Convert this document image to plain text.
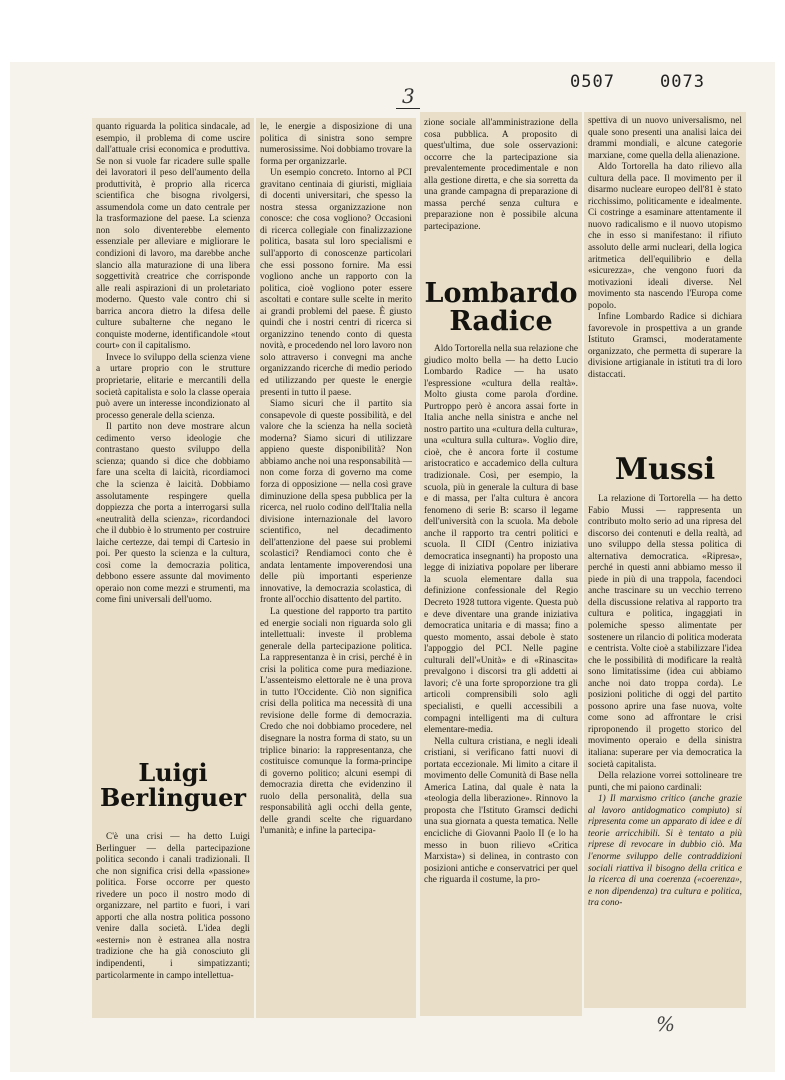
0507	0073
3

quanto riguarda la politica sindacale, ad esempio, il problema di come uscire dall'attuale crisi economica e produttiva. Se non si vuole far ricadere sulle spalle dei lavoratori il peso dell'aumento della produttività, è proprio alla ricerca scientifica che bisogna rivolgersi, assumendola come un dato centrale per la trasformazione del paese. La scienza non solo diventerebbe elemento essenziale per alleviare e migliorare le condizioni di lavoro, ma darebbe anche slancio alla maturazione di una libera soggettività creatrice che corrisponde alle reali aspirazioni di un proletariato moderno. Questo vale contro chi si barrica ancora dietro la difesa delle culture subalterne che negano le conquiste moderne, identificandole «tout court» con il capitalismo.

Invece lo sviluppo della scienza viene a urtare proprio con le strutture proprietarie, elitarie e mercantili della società capitalista e solo la classe operaia può avere un interesse incondizionato al processo generale della scienza.

Il partito non deve mostrare alcun cedimento verso ideologie che contrastano questo sviluppo della scienza; quando si dice che dobbiamo fare una scelta di laicità, ricordiamoci che la scienza è laicità. Dobbiamo assolutamente respingere quella doppiezza che porta a interrogarsi sulla «neutralità della scienza», ricordandoci che il dubbio è lo strumento per costruire laiche certezze, dai tempi di Cartesio in poi. Per questo la scienza e la cultura, così come la democrazia politica, debbono essere assunte dal movimento operaio non come mezzi e strumenti, ma come fini universali dell'uomo.

Luigi
Berlinguer

C'è una crisi — ha detto Luigi Berlinguer — della partecipazione politica secondo i canali tradizionali. Il che non significa crisi della «passione» politica. Forse occorre per questo rivedere un poco il nostro modo di organizzare, nel partito e fuori, i vari apporti che alla nostra politica possono venire dalla società. L'idea degli «esterni» non è estranea alla nostra tradizione che ha già conosciuto gli indipendenti, i simpatizzanti; particolarmente in campo intellettua-

le, le energie a disposizione di una politica di sinistra sono sempre numerosissime. Noi dobbiamo trovare la forma per organizzarle.

Un esempio concreto. Intorno al PCI gravitano centinaia di giuristi, migliaia di docenti universitari, che spesso la nostra stessa organizzazione non conosce: che cosa vogliono? Occasioni di ricerca collegiale con finalizzazione politica, basata sul loro specialismi e sull'apporto di conoscenze particolari che essi possono fornire. Ma essi vogliono anche un rapporto con la politica, cioè vogliono poter essere ascoltati e contare sulle scelte in merito ai grandi problemi del paese. È giusto quindi che i nostri centri di ricerca si organizzino tenendo conto di questa novità, e procedendo nel loro lavoro non solo attraverso i convegni ma anche organizzando ricerche di medio periodo ed utilizzando per queste le energie presenti in tutto il paese.

Siamo sicuri che il partito sia consapevole di queste possibilità, e del valore che la scienza ha nella società moderna? Siamo sicuri di utilizzare appieno queste disponibilità? Non abbiamo anche noi una responsabilità — non come forza di governo ma come forza di opposizione — nella così grave diminuzione della spesa pubblica per la ricerca, nel ruolo codino dell'Italia nella divisione internazionale del lavoro scientifico, nel decadimento dell'attenzione del paese sui problemi scolastici? Rendiamoci conto che è andata lentamente impoverendosi una delle più importanti esperienze innovative, la democrazia scolastica, di fronte all'occhio disattento del partito.

La questione del rapporto tra partito ed energie sociali non riguarda solo gli intellettuali: investe il problema generale della partecipazione politica. La rappresentanza è in crisi, perché è in crisi la politica come pura mediazione. L'assenteismo elettorale ne è una prova in tutto l'Occidente. Ciò non significa crisi della politica ma necessità di una revisione delle forme di democrazia. Credo che noi dobbiamo procedere, nel disegnare la nostra forma di stato, su un triplice binario: la rappresentanza, che costituisce comunque la forma-principe di governo politico; alcuni esempi di democrazia diretta che evidenzino il ruolo della personalità, della sua responsabilità agli occhi della gente, delle grandi scelte che riguardano l'umanità; e infine la partecipa-

zione sociale all'amministrazione della cosa pubblica. A proposito di quest'ultima, due sole osservazioni: occorre che la partecipazione sia prevalentemente procedimentale e non alla gestione diretta, e che sia sorretta da una grande campagna di preparazione di massa perché senza cultura e preparazione non è possibile alcuna partecipazione.

Lombardo
Radice

Aldo Tortorella nella sua relazione che giudico molto bella — ha detto Lucio Lombardo Radice — ha usato l'espressione «cultura della realtà». Molto giusta come parola d'ordine. Purtroppo però è ancora assai forte in Italia anche nella sinistra e anche nel nostro partito una «cultura della cultura», una «cultura sulla cultura». Voglio dire, cioè, che è ancora forte il costume aristocratico e accademico della cultura tradizionale. Così, per esempio, la scuola, più in generale la cultura di base e di massa, per l'alta cultura è ancora fenomeno di serie B: scarso il legame dell'università con la scuola. Ma debole anche il rapporto tra centri politici e scuola. Il CIDI (Centro iniziativa democratica insegnanti) ha proposto una legge di iniziativa popolare per liberare la scuola elementare dalla sua definizione confessionale del Regio Decreto 1928 tuttora vigente. Questa può e deve diventare una grande iniziativa democratica unitaria e di massa; fino a questo momento, assai debole è stato l'appoggio del PCI. Nelle pagine culturali dell'«Unità» e di «Rinascita» prevalgono i discorsi tra gli addetti ai lavori; c'è una forte sproporzione tra gli articoli comprensibili solo agli specialisti, e quelli accessibili a compagni intelligenti ma di cultura elementare-media.

Nella cultura cristiana, e negli ideali cristiani, si verificano fatti nuovi di portata eccezionale. Mi limito a citare il movimento delle Comunità di Base nella America Latina, dal quale è nata la «teologia della liberazione». Rinnovo la proposta che l'Istituto Gramsci dedichi una sua giornata a questa tematica. Nelle encicliche di Giovanni Paolo II (e lo ha messo in buon rilievo «Critica Marxista») si delinea, in contrasto con posizioni antiche e conservatrici per quel che riguarda il costume, la pro-

spettiva di un nuovo universalismo, nel quale sono presenti una analisi laica dei drammi mondiali, e alcune categorie marxiane, come quella della alienazione.

Aldo Tortorella ha dato rilievo alla cultura della pace. Il movimento per il disarmo nucleare europeo dell'81 è stato ricchissimo, politicamente e idealmente. Ci costringe a esaminare attentamente il nuovo radicalismo e il nuovo utopismo che in esso si manifestano: il rifiuto assoluto delle armi nucleari, della logica aritmetica dell'equilibrio e della «sicurezza», che vengono fuori da motivazioni ideali diverse. Nel movimento sta nascendo l'Europa come popolo.

Infine Lombardo Radice si dichiara favorevole in prospettiva a un grande Istituto Gramsci, moderatamente organizzato, che permetta di superare la divisione artigianale in istituti tra di loro distaccati.

Mussi

La relazione di Tortorella — ha detto Fabio Mussi — rappresenta un contributo molto serio ad una ripresa del discorso dei contenuti e della realtà, ad uno sviluppo della stessa politica di alternativa democratica. «Ripresa», perché in questi anni abbiamo messo il piede in più di una trappola, facendoci anche trascinare su un vecchio terreno della discussione relativa al rapporto tra cultura e politica, ingaggiati in polemiche spesso alimentate per sostenere un rilancio di politica moderata e centrista. Volte cioè a stabilizzare l'idea che le possibilità di modificare la realtà sono limitatissime (idea cui abbiamo anche noi dato troppa corda). Le posizioni politiche di oggi del partito possono aprire una fase nuova, volte come sono ad affrontare le crisi riproponendo il progetto storico del movimento operaio e della sinistra italiana: superare per via democratica la società capitalista.

Della relazione vorrei sottolineare tre punti, che mi paiono cardinali:

1) Il marxismo critico (anche grazie al lavoro antidogmatico compiuto) si ripresenta come un apparato di idee e di teorie arricchibili. Si è tentato a più riprese di revocare in dubbio ciò. Ma l'enorme sviluppo delle contraddizioni sociali riattiva il bisogno della critica e la ricerca di una coerenza («coerenza», e non dipendenza) tra cultura e politica, tra cono-

%
